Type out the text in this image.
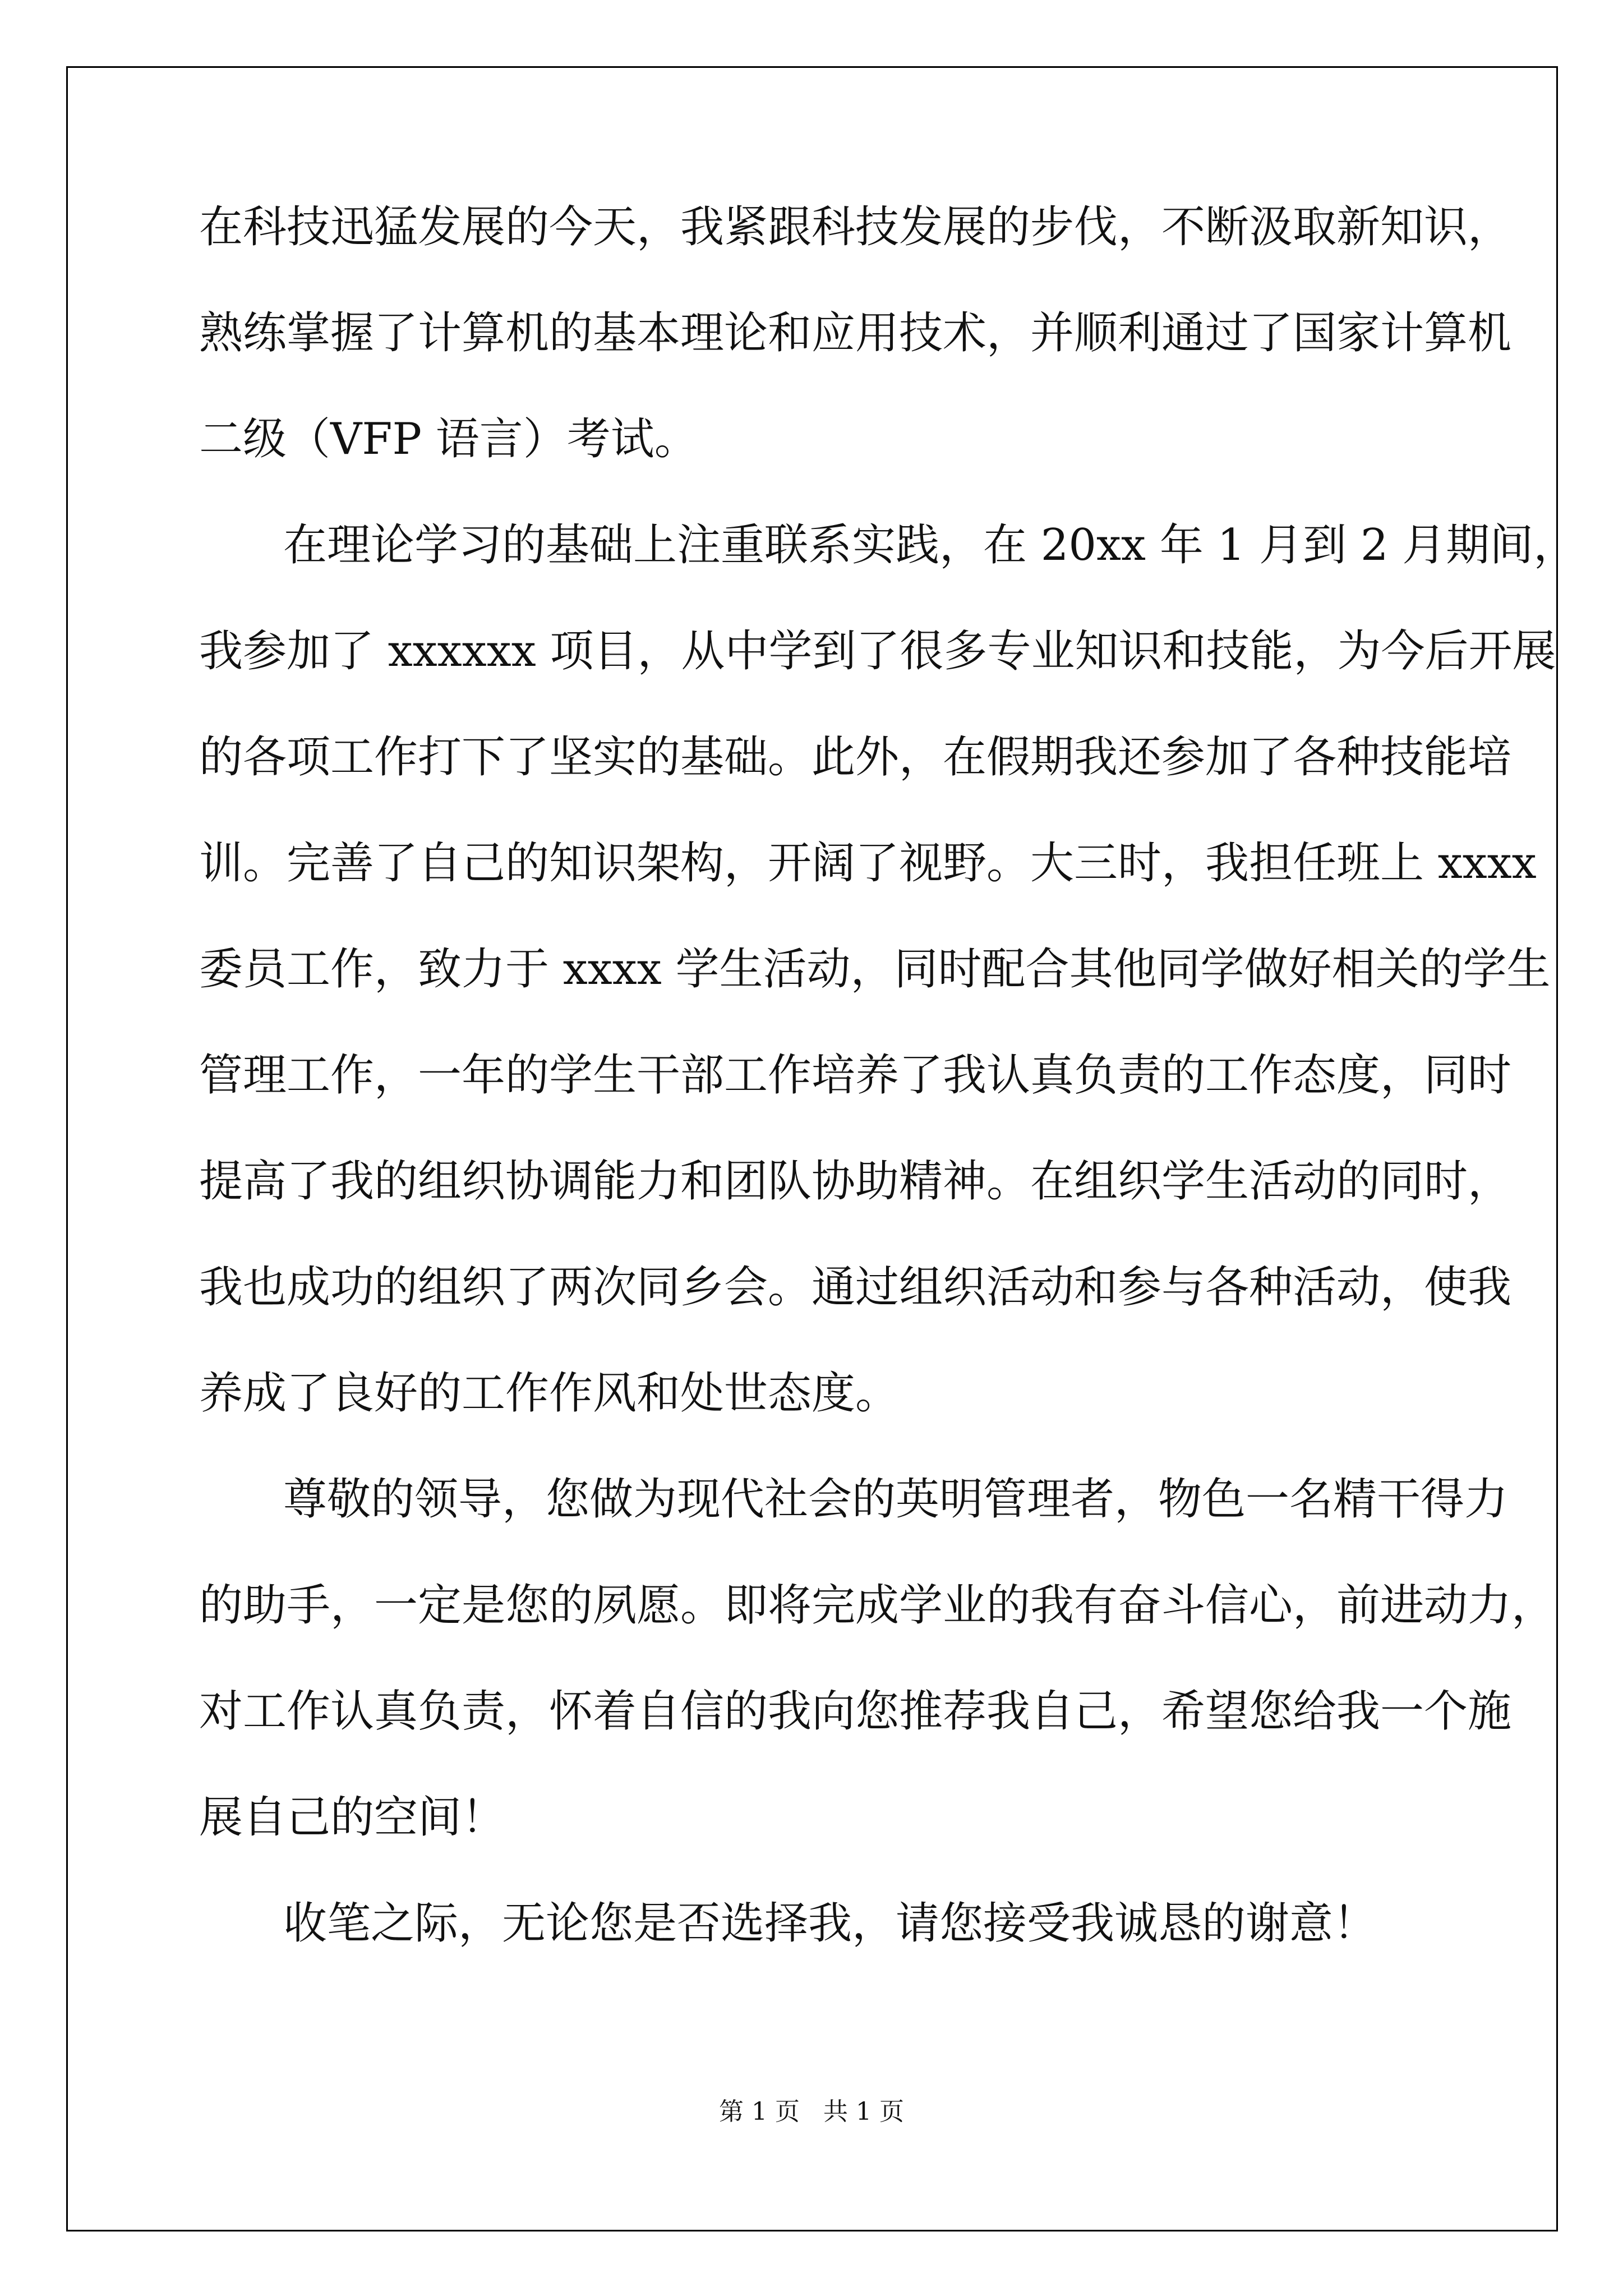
在科技迅猛发展的今天，我紧跟科技发展的步伐，不断汲取新知识，
熟练掌握了计算机的基本理论和应用技术，并顺利通过了国家计算机
二级（VFP 语言）考试。
在理论学习的基础上注重联系实践，在 20xx 年 1 月到 2 月期间，
我参加了 xxxxxx 项目，从中学到了很多专业知识和技能，为今后开展
的各项工作打下了坚实的基础。此外，在假期我还参加了各种技能培
训。完善了自己的知识架构，开阔了视野。大三时，我担任班上 xxxx
委员工作，致力于 xxxx 学生活动，同时配合其他同学做好相关的学生
管理工作，一年的学生干部工作培养了我认真负责的工作态度，同时
提高了我的组织协调能力和团队协助精神。在组织学生活动的同时，
我也成功的组织了两次同乡会。通过组织活动和参与各种活动，使我
养成了良好的工作作风和处世态度。
尊敬的领导，您做为现代社会的英明管理者，物色一名精干得力
的助手，一定是您的夙愿。即将完成学业的我有奋斗信心，前进动力，
对工作认真负责，怀着自信的我向您推荐我自己，希望您给我一个施
展自己的空间！
收笔之际，无论您是否选择我，请您接受我诚恳的谢意！
第 1 页   共 1 页
